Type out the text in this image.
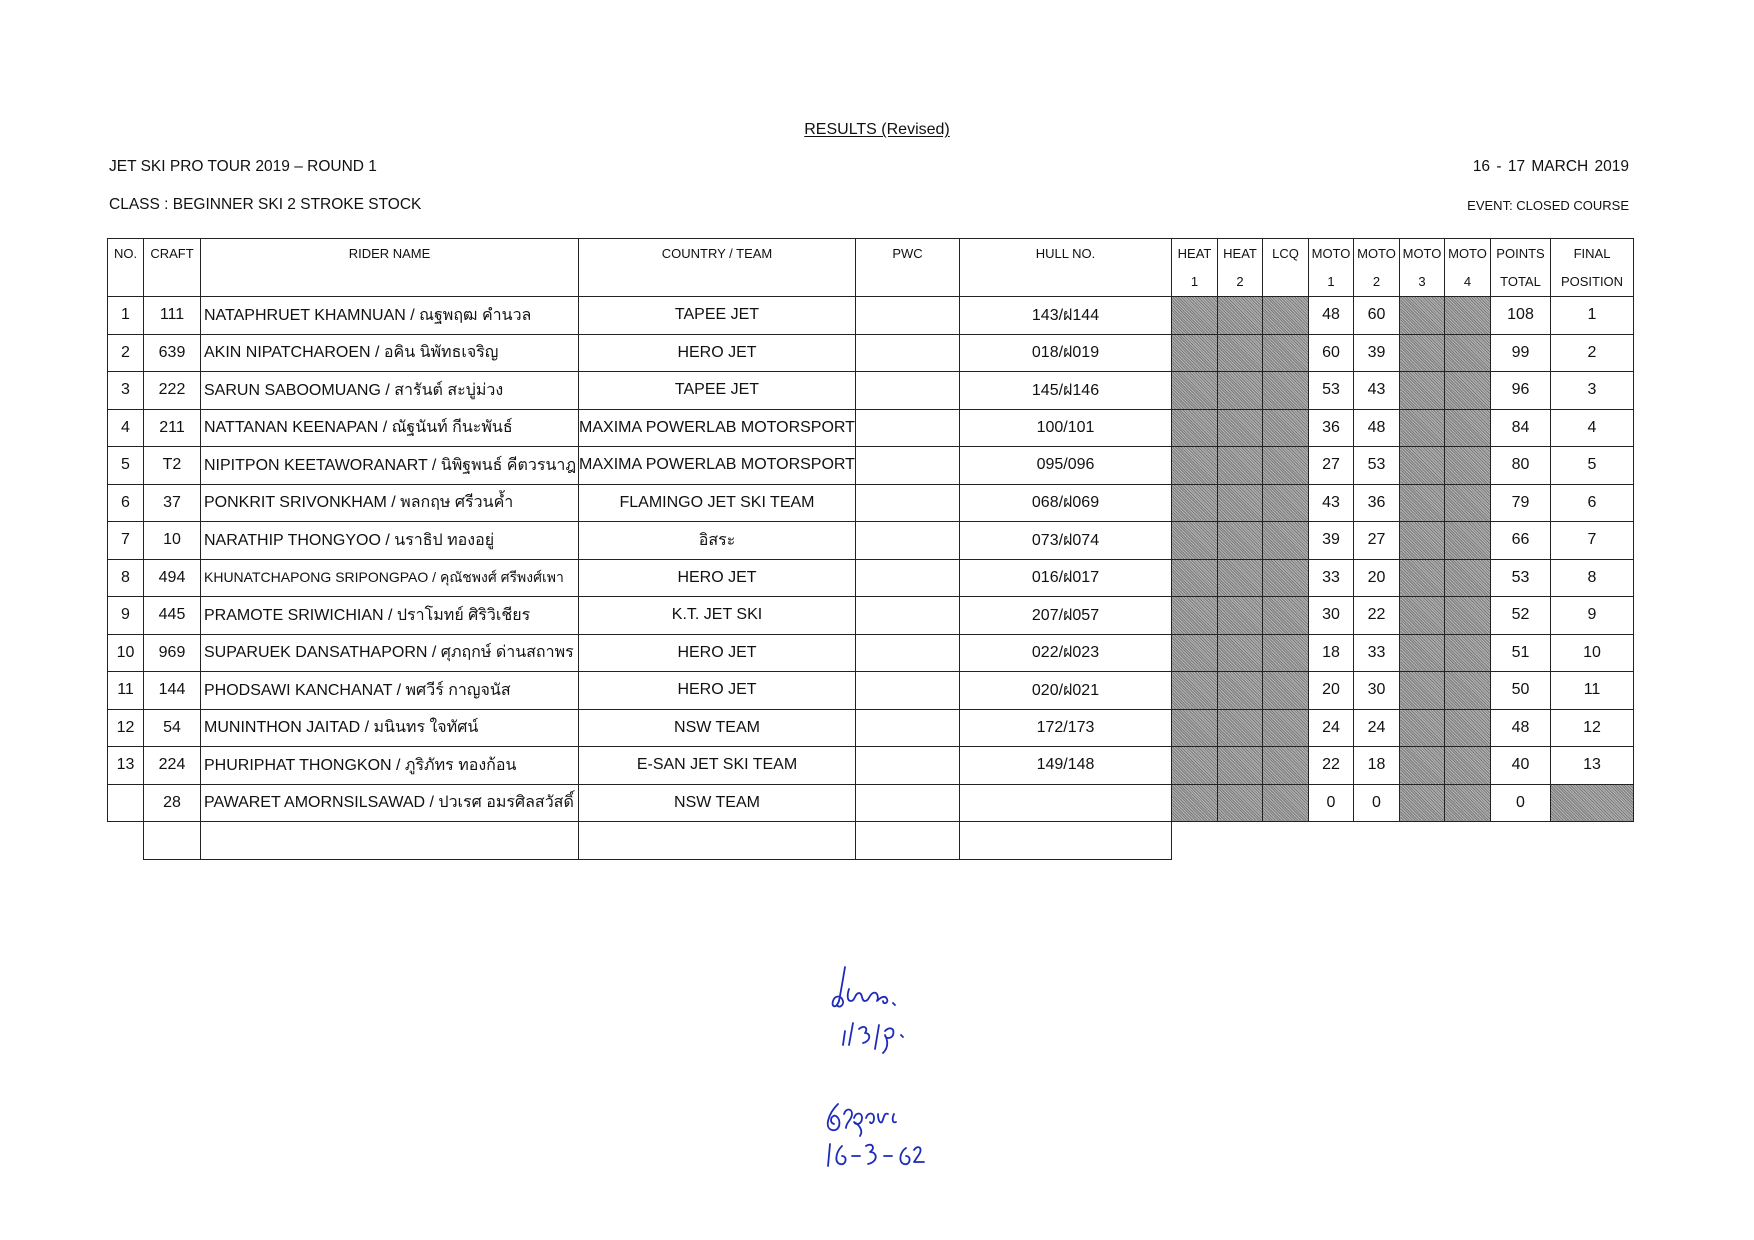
RESULTS (Revised)
JET SKI PRO TOUR 2019 – ROUND 1	16 - 17 MARCH 2019
CLASS : BEGINNER SKI 2 STROKE STOCK	EVENT: CLOSED COURSE
NO.	CRAFT	RIDER NAME	COUNTRY / TEAM	PWC	HULL NO.	HEAT	HEAT	LCQ	MOTO	MOTO	MOTO	MOTO	POINTS	FINAL
						1	2		1	2	3	4	TOTAL	POSITION
1	111	NATAPHRUET KHAMNUAN / ณฐพฤฒ คำนวล	TAPEE JET		143/ฝ144				48	60			108	1
2	639	AKIN NIPATCHAROEN / อคิน นิพัทธเจริญ	HERO JET		018/ฝ019				60	39			99	2
3	222	SARUN SABOOMUANG / สารันต์ สะบู่ม่วง	TAPEE JET		145/ฝ146				53	43			96	3
4	211	NATTANAN KEENAPAN / ณัฐนันท์ กีนะพันธ์	MAXIMA POWERLAB MOTORSPORT		100/101				36	48			84	4
5	T2	NIPITPON KEETAWORANART / นิพิฐพนธ์ คีตวรนาฎ	MAXIMA POWERLAB MOTORSPORT		095/096				27	53			80	5
6	37	PONKRIT SRIVONKHAM / พลกฤษ ศรีวนค้ำ	FLAMINGO JET SKI TEAM		068/ฝ069				43	36			79	6
7	10	NARATHIP THONGYOO / นราธิป ทองอยู่	อิสระ		073/ฝ074				39	27			66	7
8	494	KHUNATCHAPONG SRIPONGPAO / คุณัชพงศ์ ศรีพงศ์เพา	HERO JET		016/ฝ017				33	20			53	8
9	445	PRAMOTE SRIWICHIAN / ปราโมทย์ ศิริวิเชียร	K.T. JET SKI		207/ฝ057				30	22			52	9
10	969	SUPARUEK DANSATHAPORN / ศุภฤกษ์ ด่านสถาพร	HERO JET		022/ฝ023				18	33			51	10
11	144	PHODSAWI KANCHANAT / พศวีร์ กาญจนัส	HERO JET		020/ฝ021				20	30			50	11
12	54	MUNINTHON JAITAD / มนินทร ใจทัศน์	NSW TEAM		172/173				24	24			48	12
13	224	PHURIPHAT THONGKON / ภูริภัทร ทองก้อน	E-SAN JET SKI TEAM		149/148				22	18			40	13
	28	PAWARET AMORNSILSAWAD / ปวเรศ อมรศิลสวัสดิ์	NSW TEAM						0	0			0	
